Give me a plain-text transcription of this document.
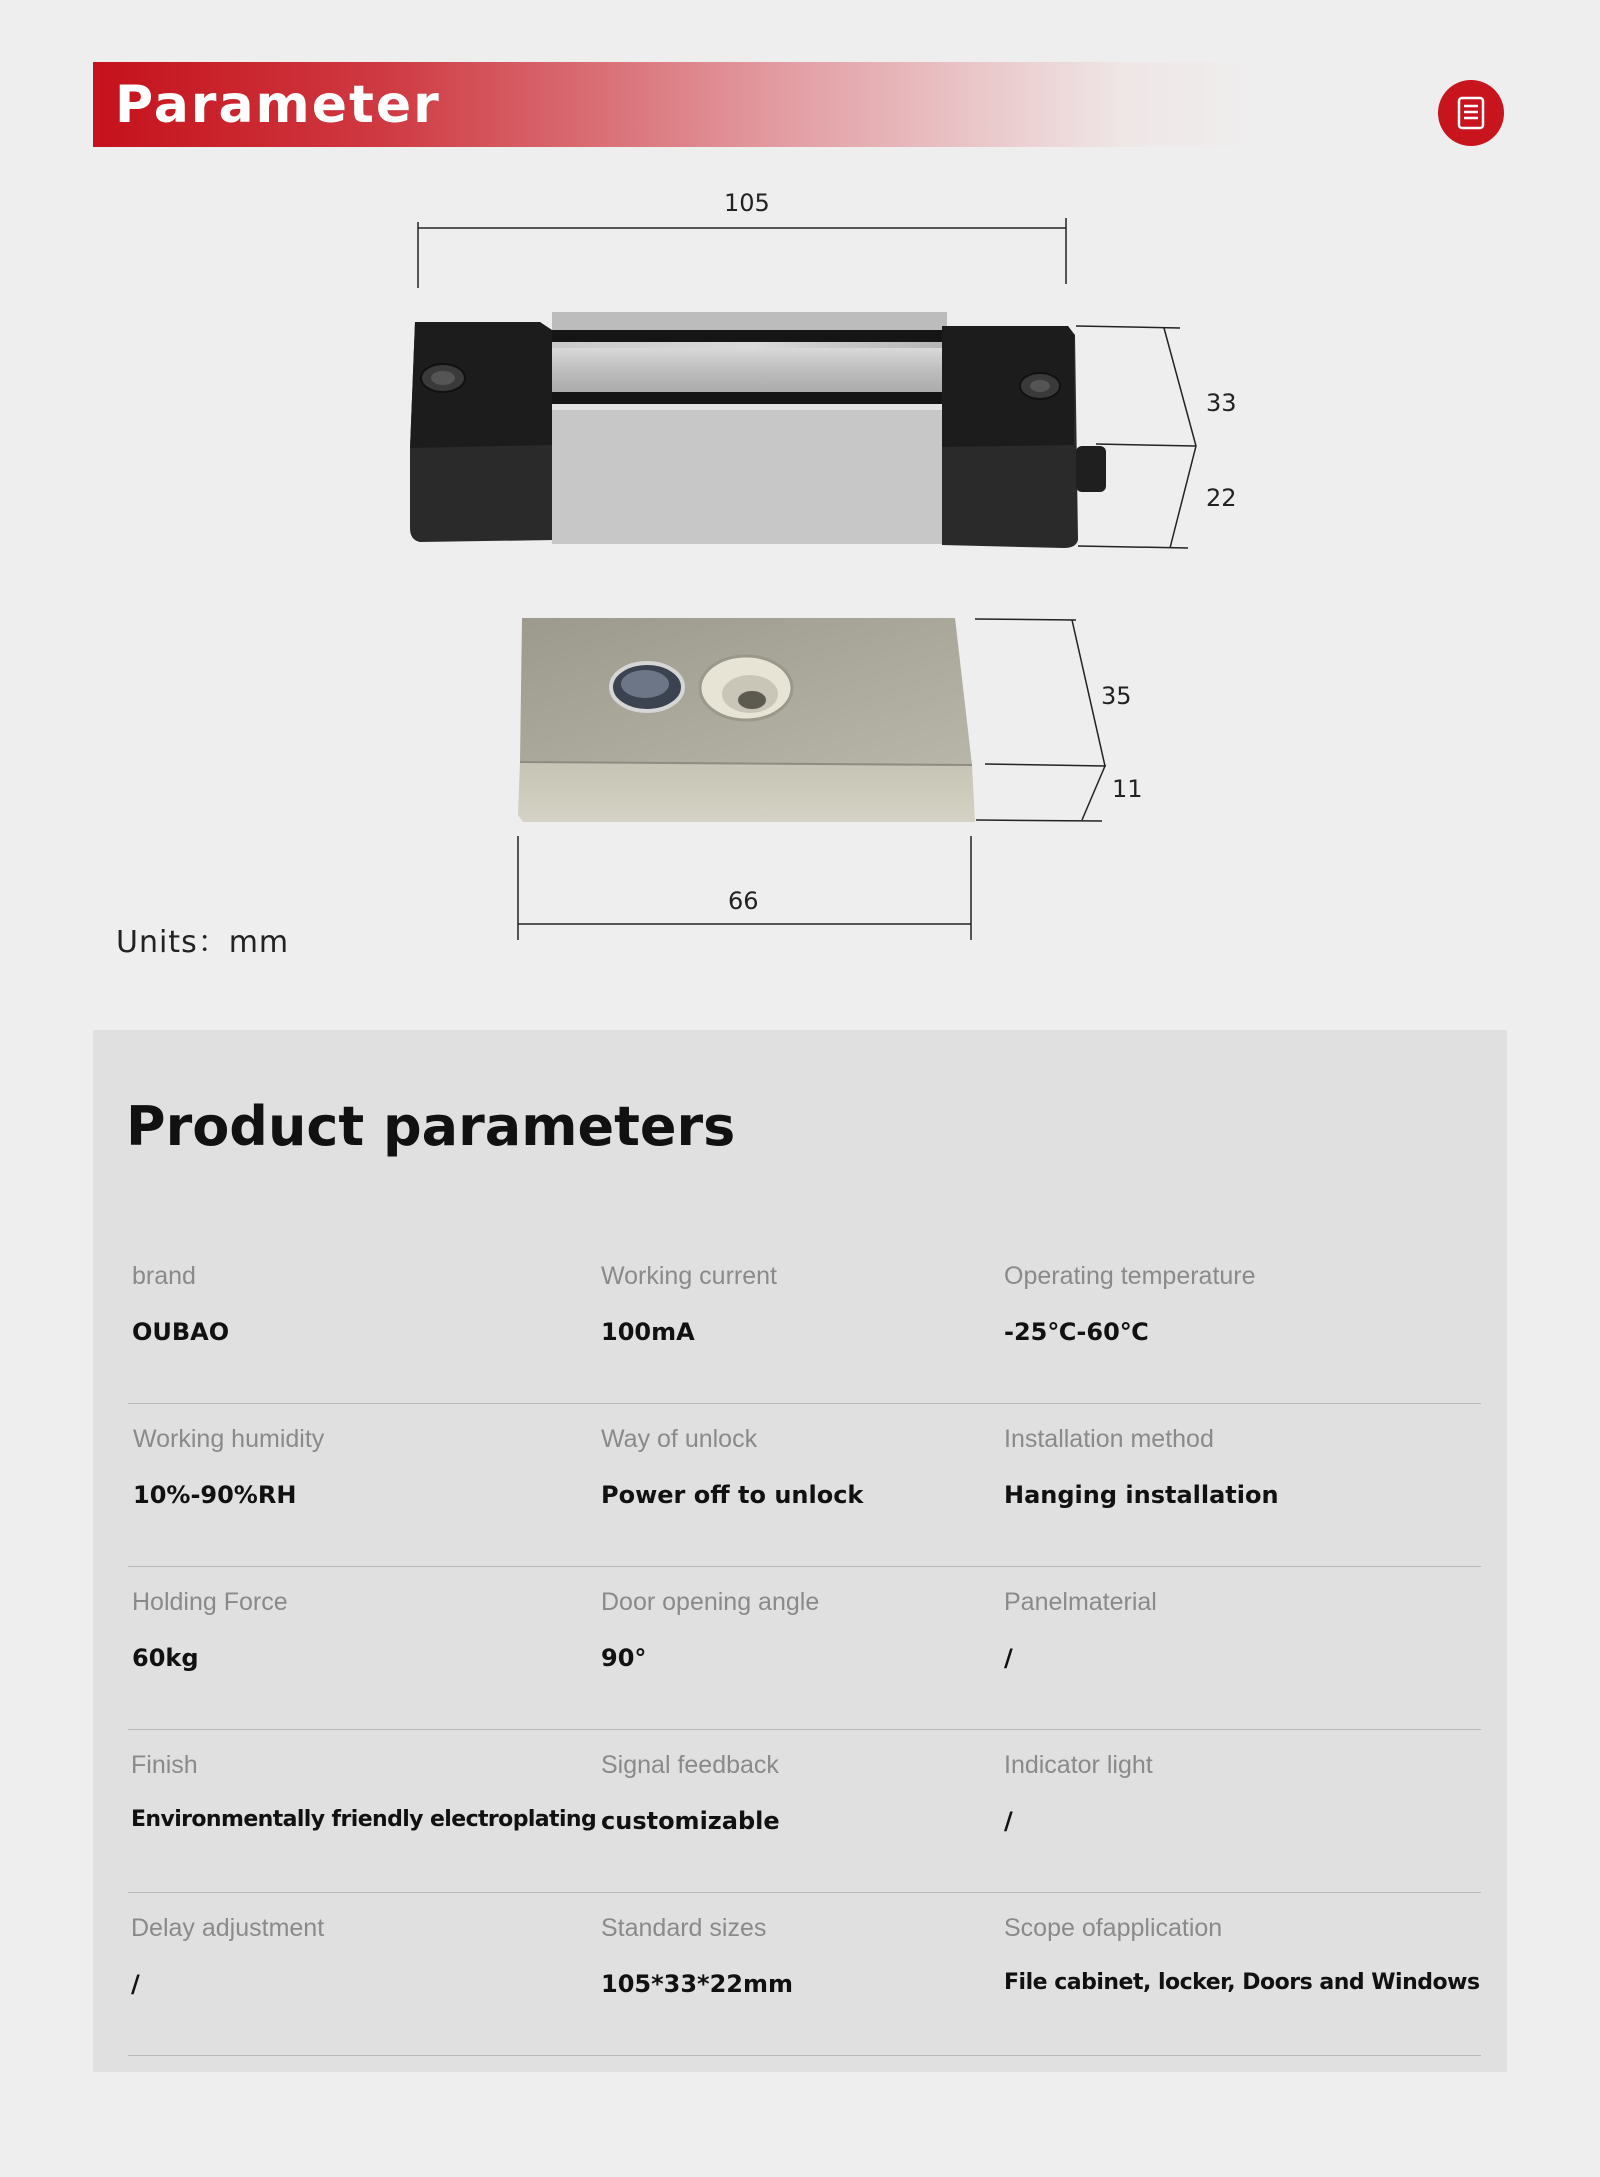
Parameter
105
33
22
35
11
66
Units：mm
Product parameters
brand
OUBAO
Working current
100mA
Operating temperature
-25℃-60℃
Working humidity
10%-90%RH
Way of unlock
Power off to unlock
Installation method
Hanging installation
Holding Force
60kg
Door opening angle
90°
Panelmaterial
/
Finish
Environmentally friendly electroplating
Signal feedback
customizable
Indicator light
/
Delay adjustment
/
Standard sizes
105*33*22mm
Scope ofapplication
File cabinet, locker, Doors and Windows
